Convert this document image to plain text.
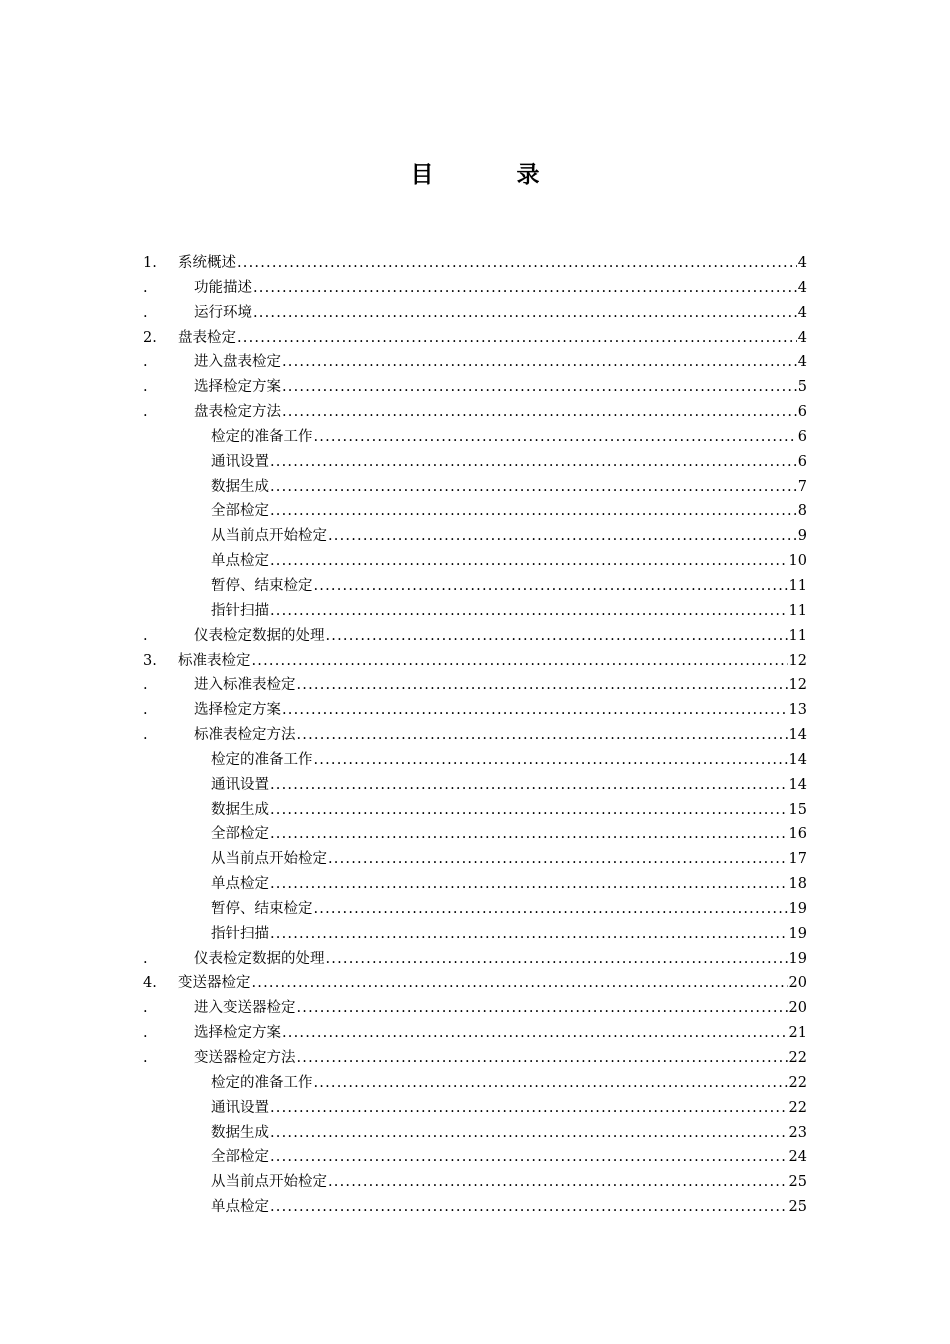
目　录
1.	系统概述 .....	4
.	功能描述 .....	4
.	运行环境 .....	4
2.	盘表检定 .....	4
.	进入盘表检定 .....	4
.	选择检定方案 .....	5
.	盘表检定方法 .....	6
检定的准备工作 .....	6
通讯设置 .....	6
数据生成 .....	7
全部检定 .....	8
从当前点开始检定 .....	9
单点检定 .....	10
暂停、结束检定 .....	11
指针扫描 .....	11
.	仪表检定数据的处理 .....	11
3.	标准表检定 .....	12
.	进入标准表检定 .....	12
.	选择检定方案 .....	13
.	标准表检定方法 .....	14
检定的准备工作 .....	14
通讯设置 .....	14
数据生成 .....	15
全部检定 .....	16
从当前点开始检定 .....	17
单点检定 .....	18
暂停、结束检定 .....	19
指针扫描 .....	19
.	仪表检定数据的处理 .....	19
4.	变送器检定 .....	20
.	进入变送器检定 .....	20
.	选择检定方案 .....	21
.	变送器检定方法 .....	22
检定的准备工作 .....	22
通讯设置 .....	22
数据生成 .....	23
全部检定 .....	24
从当前点开始检定 .....	25
单点检定 .....	25
